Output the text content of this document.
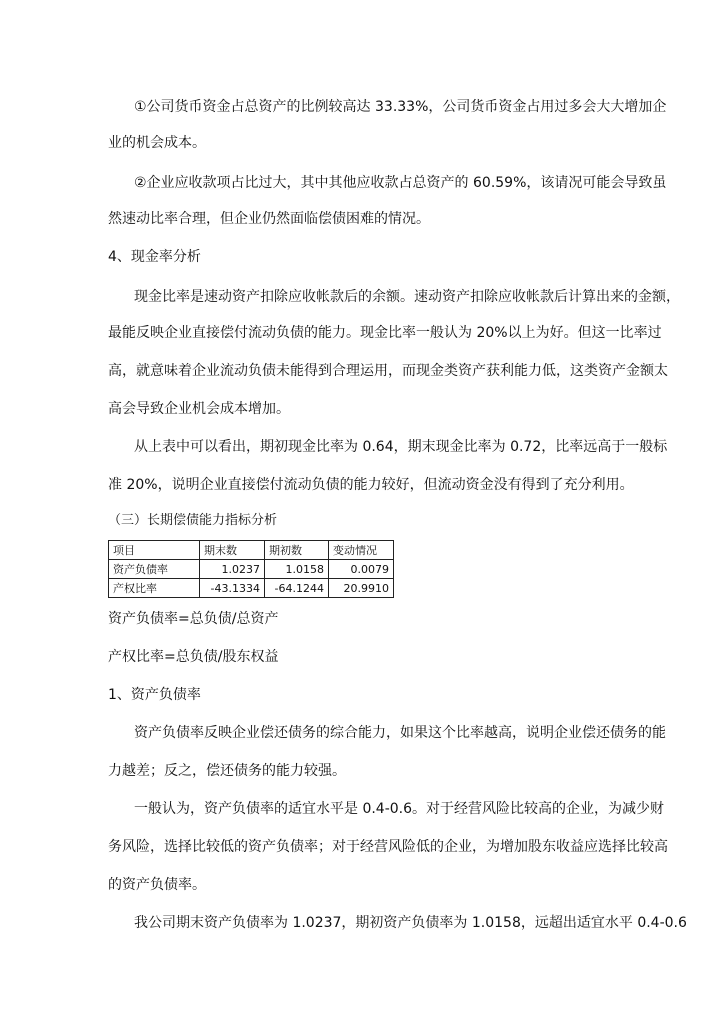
①公司货币资金占总资产的比例较高达 33.33%，公司货币资金占用过多会大大增加企
业的机会成本。
②企业应收款项占比过大，其中其他应收款占总资产的 60.59%，该请况可能会导致虽
然速动比率合理，但企业仍然面临偿债困难的情况。
4、现金率分析
现金比率是速动资产扣除应收帐款后的余额。速动资产扣除应收帐款后计算出来的金额，
最能反映企业直接偿付流动负债的能力。现金比率一般认为 20%以上为好。但这一比率过
高，就意味着企业流动负债未能得到合理运用，而现金类资产获利能力低，这类资产金额太
高会导致企业机会成本增加。
从上表中可以看出，期初现金比率为 0.64，期末现金比率为 0.72，比率远高于一般标
准 20%，说明企业直接偿付流动负债的能力较好，但流动资金没有得到了充分利用。
（三）长期偿债能力指标分析
项目	期末数	期初数	变动情况
资产负债率	1.0237	1.0158	0.0079
产权比率	-43.1334	-64.1244	20.9910
资产负债率=总负债/总资产
产权比率=总负债/股东权益
1、资产负债率
资产负债率反映企业偿还债务的综合能力，如果这个比率越高，说明企业偿还债务的能
力越差；反之，偿还债务的能力较强。
一般认为，资产负债率的适宜水平是 0.4-0.6。对于经营风险比较高的企业，为减少财
务风险，选择比较低的资产负债率；对于经营风险低的企业，为增加股东收益应选择比较高
的资产负债率。
我公司期末资产负债率为 1.0237，期初资产负债率为 1.0158，远超出适宜水平 0.4-0.6
